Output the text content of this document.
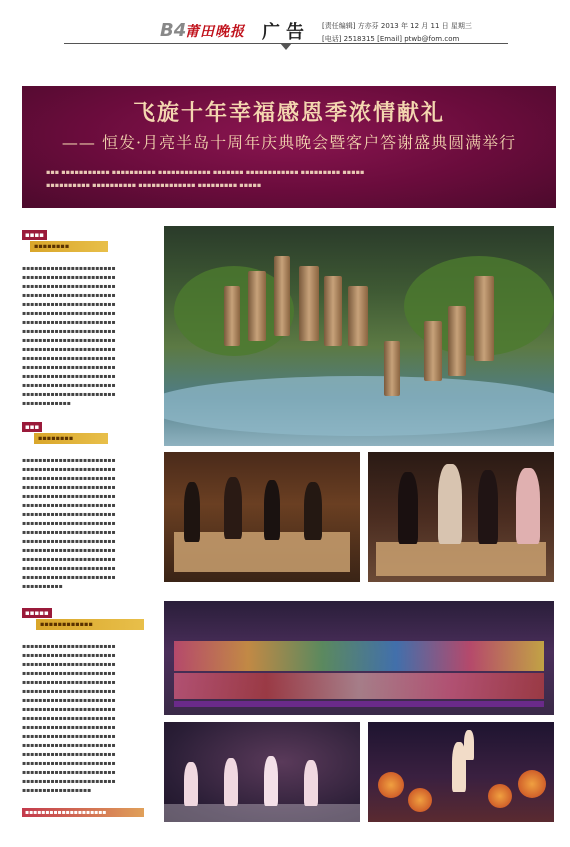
B4
莆田晚报 广告 [责任编辑] 方亦芬 2013 年 12 月 11 日 星期三
[电话] 2518315 [Email] ptwb@fom.com
飞旋十年幸福感恩季浓情献礼
—— 恒发·月亮半岛十周年庆典晚会暨客户答谢盛典圆满举行
▪▪▪ ▪▪▪▪▪▪▪▪▪▪▪ ▪▪▪▪▪▪▪▪▪▪ ▪▪▪▪▪▪▪▪▪▪▪▪ ▪▪▪▪▪▪▪ ▪▪▪▪▪▪▪▪▪▪▪▪ ▪▪▪▪▪▪▪▪▪ ▪▪▪▪▪
▪▪▪▪▪▪▪▪▪▪ ▪▪▪▪▪▪▪▪▪▪ ▪▪▪▪▪▪▪▪▪▪▪▪▪ ▪▪▪▪▪▪▪▪▪ ▪▪▪▪▪
▪▪▪▪
▪▪▪▪▪▪▪▪
▪▪▪▪▪▪▪▪▪▪▪▪▪▪▪▪▪▪▪▪▪▪▪
▪▪▪▪▪▪▪▪▪▪▪▪▪▪▪▪▪▪▪▪▪▪▪
▪▪▪▪▪▪▪▪▪▪▪▪▪▪▪▪▪▪▪▪▪▪▪
▪▪▪▪▪▪▪▪▪▪▪▪▪▪▪▪▪▪▪▪▪▪▪
▪▪▪▪▪▪▪▪▪▪▪▪▪▪▪▪▪▪▪▪▪▪▪
▪▪▪▪▪▪▪▪▪▪▪▪▪▪▪▪▪▪▪▪▪▪▪
▪▪▪▪▪▪▪▪▪▪▪▪▪▪▪▪▪▪▪▪▪▪▪
▪▪▪▪▪▪▪▪▪▪▪▪▪▪▪▪▪▪▪▪▪▪▪
▪▪▪▪▪▪▪▪▪▪▪▪▪▪▪▪▪▪▪▪▪▪▪
▪▪▪▪▪▪▪▪▪▪▪▪▪▪▪▪▪▪▪▪▪▪▪
▪▪▪▪▪▪▪▪▪▪▪▪▪▪▪▪▪▪▪▪▪▪▪
▪▪▪▪▪▪▪▪▪▪▪▪▪▪▪▪▪▪▪▪▪▪▪
▪▪▪▪▪▪▪▪▪▪▪▪▪▪▪▪▪▪▪▪▪▪▪
▪▪▪▪▪▪▪▪▪▪▪▪▪▪▪▪▪▪▪▪▪▪▪
▪▪▪▪▪▪▪▪▪▪▪▪▪▪▪▪▪▪▪▪▪▪▪
▪▪▪▪▪▪▪▪▪▪▪▪
▪▪▪
▪▪▪▪▪▪▪▪
▪▪▪▪▪▪▪▪▪▪▪▪▪▪▪▪▪▪▪▪▪▪▪
▪▪▪▪▪▪▪▪▪▪▪▪▪▪▪▪▪▪▪▪▪▪▪
▪▪▪▪▪▪▪▪▪▪▪▪▪▪▪▪▪▪▪▪▪▪▪
▪▪▪▪▪▪▪▪▪▪▪▪▪▪▪▪▪▪▪▪▪▪▪
▪▪▪▪▪▪▪▪▪▪▪▪▪▪▪▪▪▪▪▪▪▪▪
▪▪▪▪▪▪▪▪▪▪▪▪▪▪▪▪▪▪▪▪▪▪▪
▪▪▪▪▪▪▪▪▪▪▪▪▪▪▪▪▪▪▪▪▪▪▪
▪▪▪▪▪▪▪▪▪▪▪▪▪▪▪▪▪▪▪▪▪▪▪
▪▪▪▪▪▪▪▪▪▪▪▪▪▪▪▪▪▪▪▪▪▪▪
▪▪▪▪▪▪▪▪▪▪▪▪▪▪▪▪▪▪▪▪▪▪▪
▪▪▪▪▪▪▪▪▪▪▪▪▪▪▪▪▪▪▪▪▪▪▪
▪▪▪▪▪▪▪▪▪▪▪▪▪▪▪▪▪▪▪▪▪▪▪
▪▪▪▪▪▪▪▪▪▪▪▪▪▪▪▪▪▪▪▪▪▪▪
▪▪▪▪▪▪▪▪▪▪▪▪▪▪▪▪▪▪▪▪▪▪▪
▪▪▪▪▪▪▪▪▪▪
▪▪▪▪▪
▪▪▪▪▪▪▪▪▪▪▪▪
▪▪▪▪▪▪▪▪▪▪▪▪▪▪▪▪▪▪▪▪▪▪▪
▪▪▪▪▪▪▪▪▪▪▪▪▪▪▪▪▪▪▪▪▪▪▪
▪▪▪▪▪▪▪▪▪▪▪▪▪▪▪▪▪▪▪▪▪▪▪
▪▪▪▪▪▪▪▪▪▪▪▪▪▪▪▪▪▪▪▪▪▪▪
▪▪▪▪▪▪▪▪▪▪▪▪▪▪▪▪▪▪▪▪▪▪▪
▪▪▪▪▪▪▪▪▪▪▪▪▪▪▪▪▪▪▪▪▪▪▪
▪▪▪▪▪▪▪▪▪▪▪▪▪▪▪▪▪▪▪▪▪▪▪
▪▪▪▪▪▪▪▪▪▪▪▪▪▪▪▪▪▪▪▪▪▪▪
▪▪▪▪▪▪▪▪▪▪▪▪▪▪▪▪▪▪▪▪▪▪▪
▪▪▪▪▪▪▪▪▪▪▪▪▪▪▪▪▪▪▪▪▪▪▪
▪▪▪▪▪▪▪▪▪▪▪▪▪▪▪▪▪▪▪▪▪▪▪
▪▪▪▪▪▪▪▪▪▪▪▪▪▪▪▪▪▪▪▪▪▪▪
▪▪▪▪▪▪▪▪▪▪▪▪▪▪▪▪▪▪▪▪▪▪▪
▪▪▪▪▪▪▪▪▪▪▪▪▪▪▪▪▪▪▪▪▪▪▪
▪▪▪▪▪▪▪▪▪▪▪▪▪▪▪▪▪▪▪▪▪▪▪
▪▪▪▪▪▪▪▪▪▪▪▪▪▪▪▪▪▪▪▪▪▪▪
▪▪▪▪▪▪▪▪▪▪▪▪▪▪▪▪▪
▪▪▪▪▪▪▪▪▪▪▪▪▪▪▪▪▪▪▪▪
